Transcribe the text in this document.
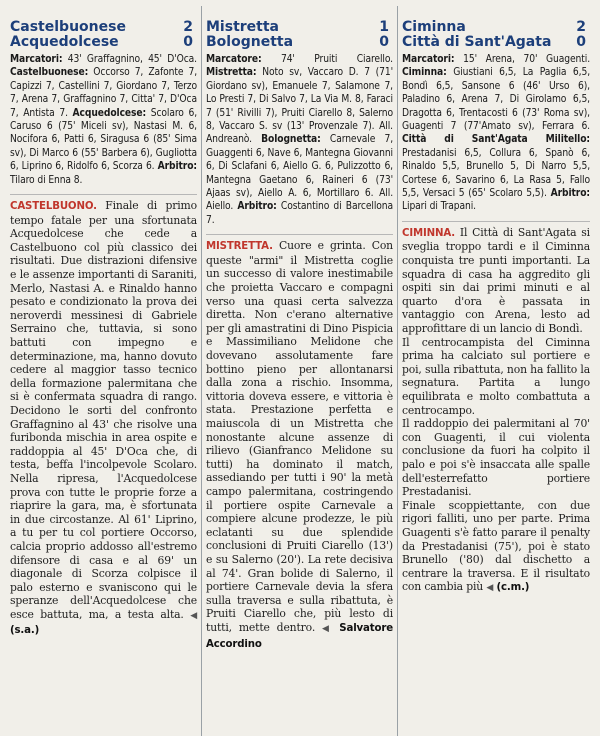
Castelbuonese	2
Acquedolcese	0
Marcatori: 43' Graffagnino, 45' D'Oca. Castelbuonese: Occorso 7, Zafonte 7, Capizzi 7, Castellini 7, Giordano 7, Terzo 7, Arena 7, Graffagnino 7, Citta' 7, D'Oca 7, Antista 7. Acquedolcese: Scolaro 6, Caruso 6 (75' Miceli sv), Nastasi M. 6, Nocifora 6, Patti 6, Siragusa 6 (85' Sima sv), Di Marco 6 (55' Barbera 6), Gugliotta 6, Liprino 6, Ridolfo 6, Scorza 6. Arbitro: Tilaro di Enna 8.

CASTELBUONO. Finale di primo tempo fatale per una sfortunata Acquedolcese che cede a Castelbuono col più classico dei risultati. Due distrazioni difensive e le assenze importanti di Saraniti, Merlo, Nastasi A. e Rinaldo hanno pesato e condizionato la prova dei neroverdi messinesi di Gabriele Serraino che, tuttavia, si sono battuti con impegno e determinazione, ma, hanno dovuto cedere al maggior tasso tecnico della formazione palermitana che si è confermata squadra di rango. Decidono le sorti del confronto Graffagnino al 43' che risolve una furibonda mischia in area ospite e raddoppia al 45' D'Oca che, di testa, beffa l'incolpevole Scolaro. Nella ripresa, l'Acquedolcese prova con tutte le proprie forze a riaprire la gara, ma, è sfortunata in due circostanze. Al 61' Liprino, a tu per tu col portiere Occorso, calcia proprio addosso all'estremo difensore di casa e al 69' un diagonale di Scorza colpisce il palo esterno e svaniscono qui le speranze dell'Acquedolcese che esce battuta, ma, a testa alta. ◀ (s.a.)

Mistretta	1
Bolognetta	0
Marcatore: 74' Pruiti Ciarello. Mistretta: Noto sv, Vaccaro D. 7 (71' Giordano sv), Emanuele 7, Salamone 7, Lo Presti 7, Di Salvo 7, La Via M. 8, Faraci 7 (51' Rivilli 7), Pruiti Ciarello 8, Salerno 8, Vaccaro S. sv (13' Provenzale 7). All. Andreanò. Bolognetta: Carnevale 7, Guaggenti 6, Nave 6, Mantegna Giovanni 6, Di Sclafani 6, Aiello G. 6, Pulizzotto 6, Mantegna Gaetano 6, Raineri 6 (73' Ajaas sv), Aiello A. 6, Mortillaro 6. All. Aiello. Arbitro: Costantino di Barcellona 7.

MISTRETTA. Cuore e grinta. Con queste "armi" il Mistretta coglie un successo di valore inestimabile che proietta Vaccaro e compagni verso una quasi certa salvezza diretta. Non c'erano alternative per gli amastratini di Dino Pispicia e Massimiliano Melidone che dovevano assolutamente fare bottino pieno per allontanarsi dalla zona a rischio. Insomma, vittoria doveva essere, e vittoria è stata. Prestazione perfetta e maiuscola di un Mistretta che nonostante alcune assenze di rilievo (Gianfranco Melidone su tutti) ha dominato il match, assediando per tutti i 90' la metà campo palermitana, costringendo il portiere ospite Carnevale a compiere alcune prodezze, le più eclatanti su due splendide conclusioni di Pruiti Ciarello (13') e su Salerno (20'). La rete decisiva al 74'. Gran bolide di Salerno, il portiere Carnevale devia la sfera sulla traversa e sulla ribattuta, è Pruiti Ciarello che, più lesto di tutti, mette dentro. ◀ Salvatore Accordino

Ciminna	2
Città di Sant'Agata 0
Marcatori: 15' Arena, 70' Guagenti. Ciminna: Giustiani 6,5, La Paglia 6,5, Bondì 6,5, Sansone 6 (46' Urso 6), Paladino 6, Arena 7, Di Girolamo 6,5, Dragotta 6, Trentacosti 6 (73' Roma sv), Guagenti 7 (77'Amato sv), Ferrara 6. Città di Sant'Agata Militello: Prestadanisi 6,5, Collura 6, Spanò 6, Rinaldo 5,5, Brunello 5, Di Narro 5,5, Cortese 6, Savarino 6, La Rasa 5, Fallo 5,5, Versaci 5 (65' Scolaro 5,5). Arbitro: Lipari di Trapani.

CIMINNA. Il Città di Sant'Agata si sveglia troppo tardi e il Ciminna conquista tre punti importanti. La squadra di casa ha aggredito gli ospiti sin dai primi minuti e al quarto d'ora è passata in vantaggio con Arena, lesto ad approfittare di un lancio di Bondì.

Il centrocampista del Ciminna prima ha calciato sul portiere e poi, sulla ribattuta, non ha fallito la segnatura. Partita a lungo equilibrata e molto combattuta a centrocampo.

Il raddoppio dei palermitani al 70' con Guagenti, il cui violenta conclusione da fuori ha colpito il palo e poi s'è insaccata alle spalle dell'esterrefatto portiere Prestadanisi.

Finale scoppiettante, con due rigori falliti, uno per parte. Prima Guagenti s'è fatto parare il penalty da Prestadanisi (75'), poi è stato Brunello ('80) dal dischetto a centrare la traversa. E il risultato con cambia più ◀ (c.m.)
